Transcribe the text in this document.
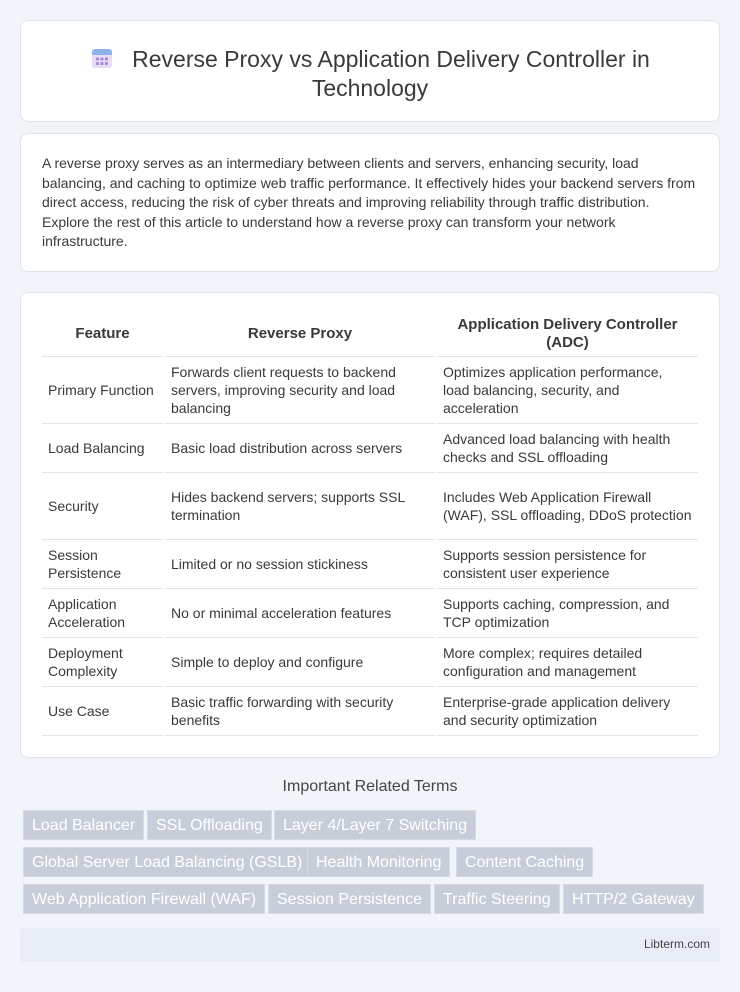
Reverse Proxy vs Application Delivery Controller in
Technology

A reverse proxy serves as an intermediary between clients and servers, enhancing security, load balancing, and caching to optimize web traffic performance. It effectively hides your backend servers from direct access, reducing the risk of cyber threats and improving reliability through traffic distribution. Explore the rest of this article to understand how a reverse proxy can transform your network infrastructure.

Feature	Reverse Proxy	Application Delivery Controller (ADC)
Primary Function	Forwards client requests to backend servers, improving security and load balancing	Optimizes application performance, load balancing, security, and acceleration
Load Balancing	Basic load distribution across servers	Advanced load balancing with health checks and SSL offloading
Security	Hides backend servers; supports SSL termination	Includes Web Application Firewall (WAF), SSL offloading, DDoS protection
Session Persistence	Limited or no session stickiness	Supports session persistence for consistent user experience
Application Acceleration	No or minimal acceleration features	Supports caching, compression, and TCP optimization
Deployment Complexity	Simple to deploy and configure	More complex; requires detailed configuration and management
Use Case	Basic traffic forwarding with security benefits	Enterprise-grade application delivery and security optimization
Important Related Terms
Load Balancer	SSL Offloading	Layer 4/Layer 7 Switching
Global Server Load Balancing (GSLB) Health Monitoring	Content Caching
Web Application Firewall (WAF)	Session Persistence	Traffic Steering	HTTP/2 Gateway
Libterm.com
